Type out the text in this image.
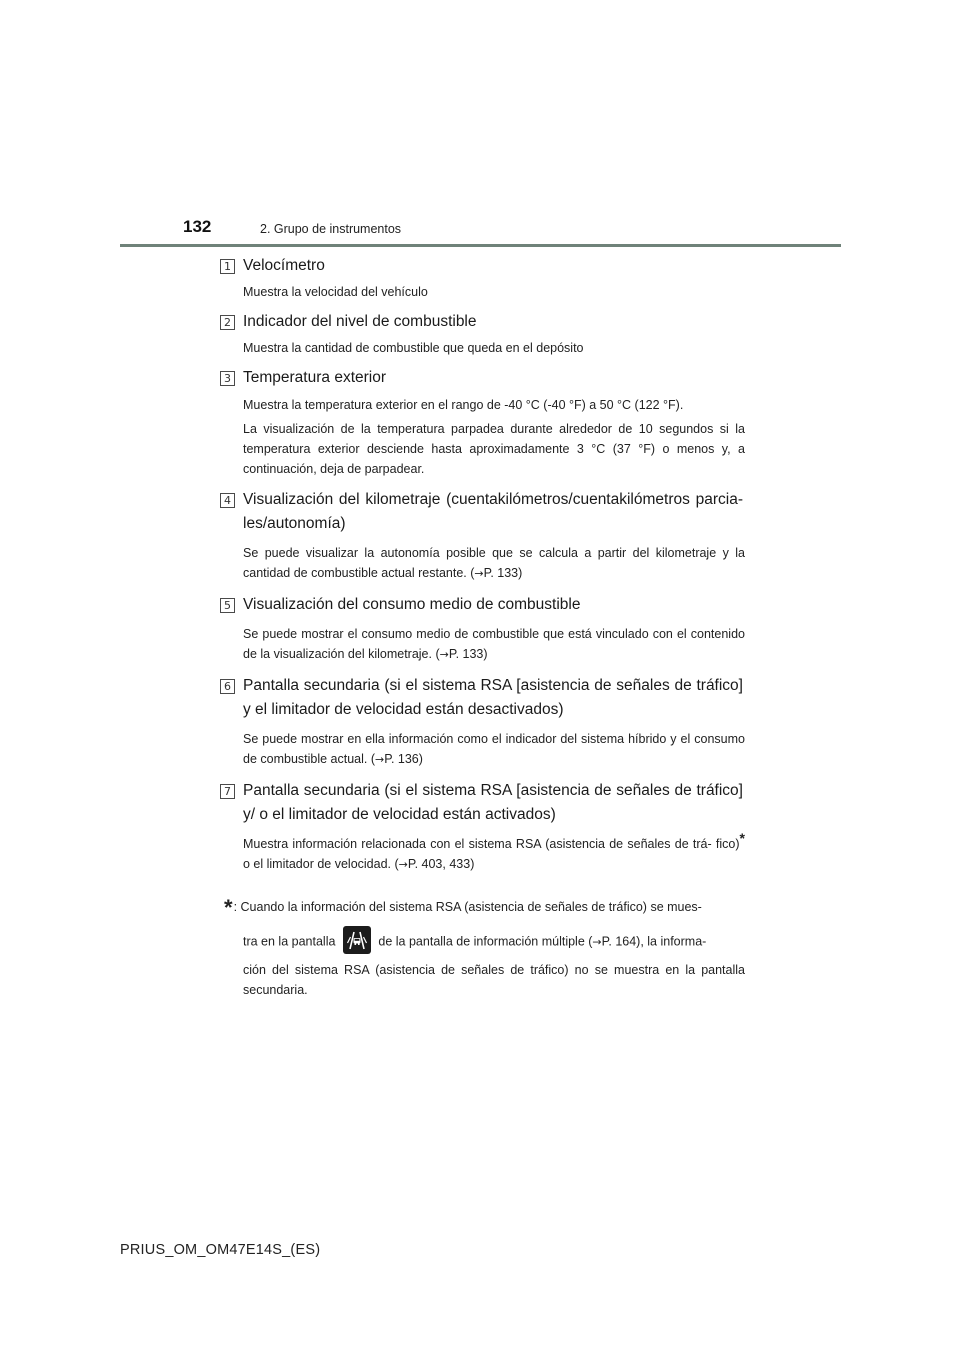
132	2. Grupo de instrumentos
1 Velocímetro

Muestra la velocidad del vehículo

2 Indicador del nivel de combustible

Muestra la cantidad de combustible que queda en el depósito

3 Temperatura exterior

Muestra la temperatura exterior en el rango de -40 °C (-40 °F) a 50 °C (122 °F).

La visualización de la temperatura parpadea durante alrededor de 10 segundos si la temperatura exterior desciende hasta aproximadamente 3 °C (37 °F) o menos y, a continuación, deja de parpadear.

4 Visualización del kilometraje (cuentakilómetros/cuentakilómetros parcia- les/autonomía)

Se puede visualizar la autonomía posible que se calcula a partir del kilometraje y la cantidad de combustible actual restante. (→P. 133)

5 Visualización del consumo medio de combustible

Se puede mostrar el consumo medio de combustible que está vinculado con el contenido de la visualización del kilometraje. (→P. 133)

6 Pantalla secundaria (si el sistema RSA [asistencia de señales de tráfico] y el limitador de velocidad están desactivados)

Se puede mostrar en ella información como el indicador del sistema híbrido y el consumo de combustible actual. (→P. 136)

7 Pantalla secundaria (si el sistema RSA [asistencia de señales de tráfico] y/ o el limitador de velocidad están activados)

Muestra información relacionada con el sistema RSA (asistencia de señales de trá- fico)* o el limitador de velocidad. (→P. 403, 433)

*: Cuando la información del sistema RSA (asistencia de señales de tráfico) se mues-
tra en la pantalla	de la pantalla de información múltiple (→P. 164), la informa-
ción del sistema RSA (asistencia de señales de tráfico) no se muestra en la pantalla secundaria.
PRIUS_OM_OM47E14S_(ES)
